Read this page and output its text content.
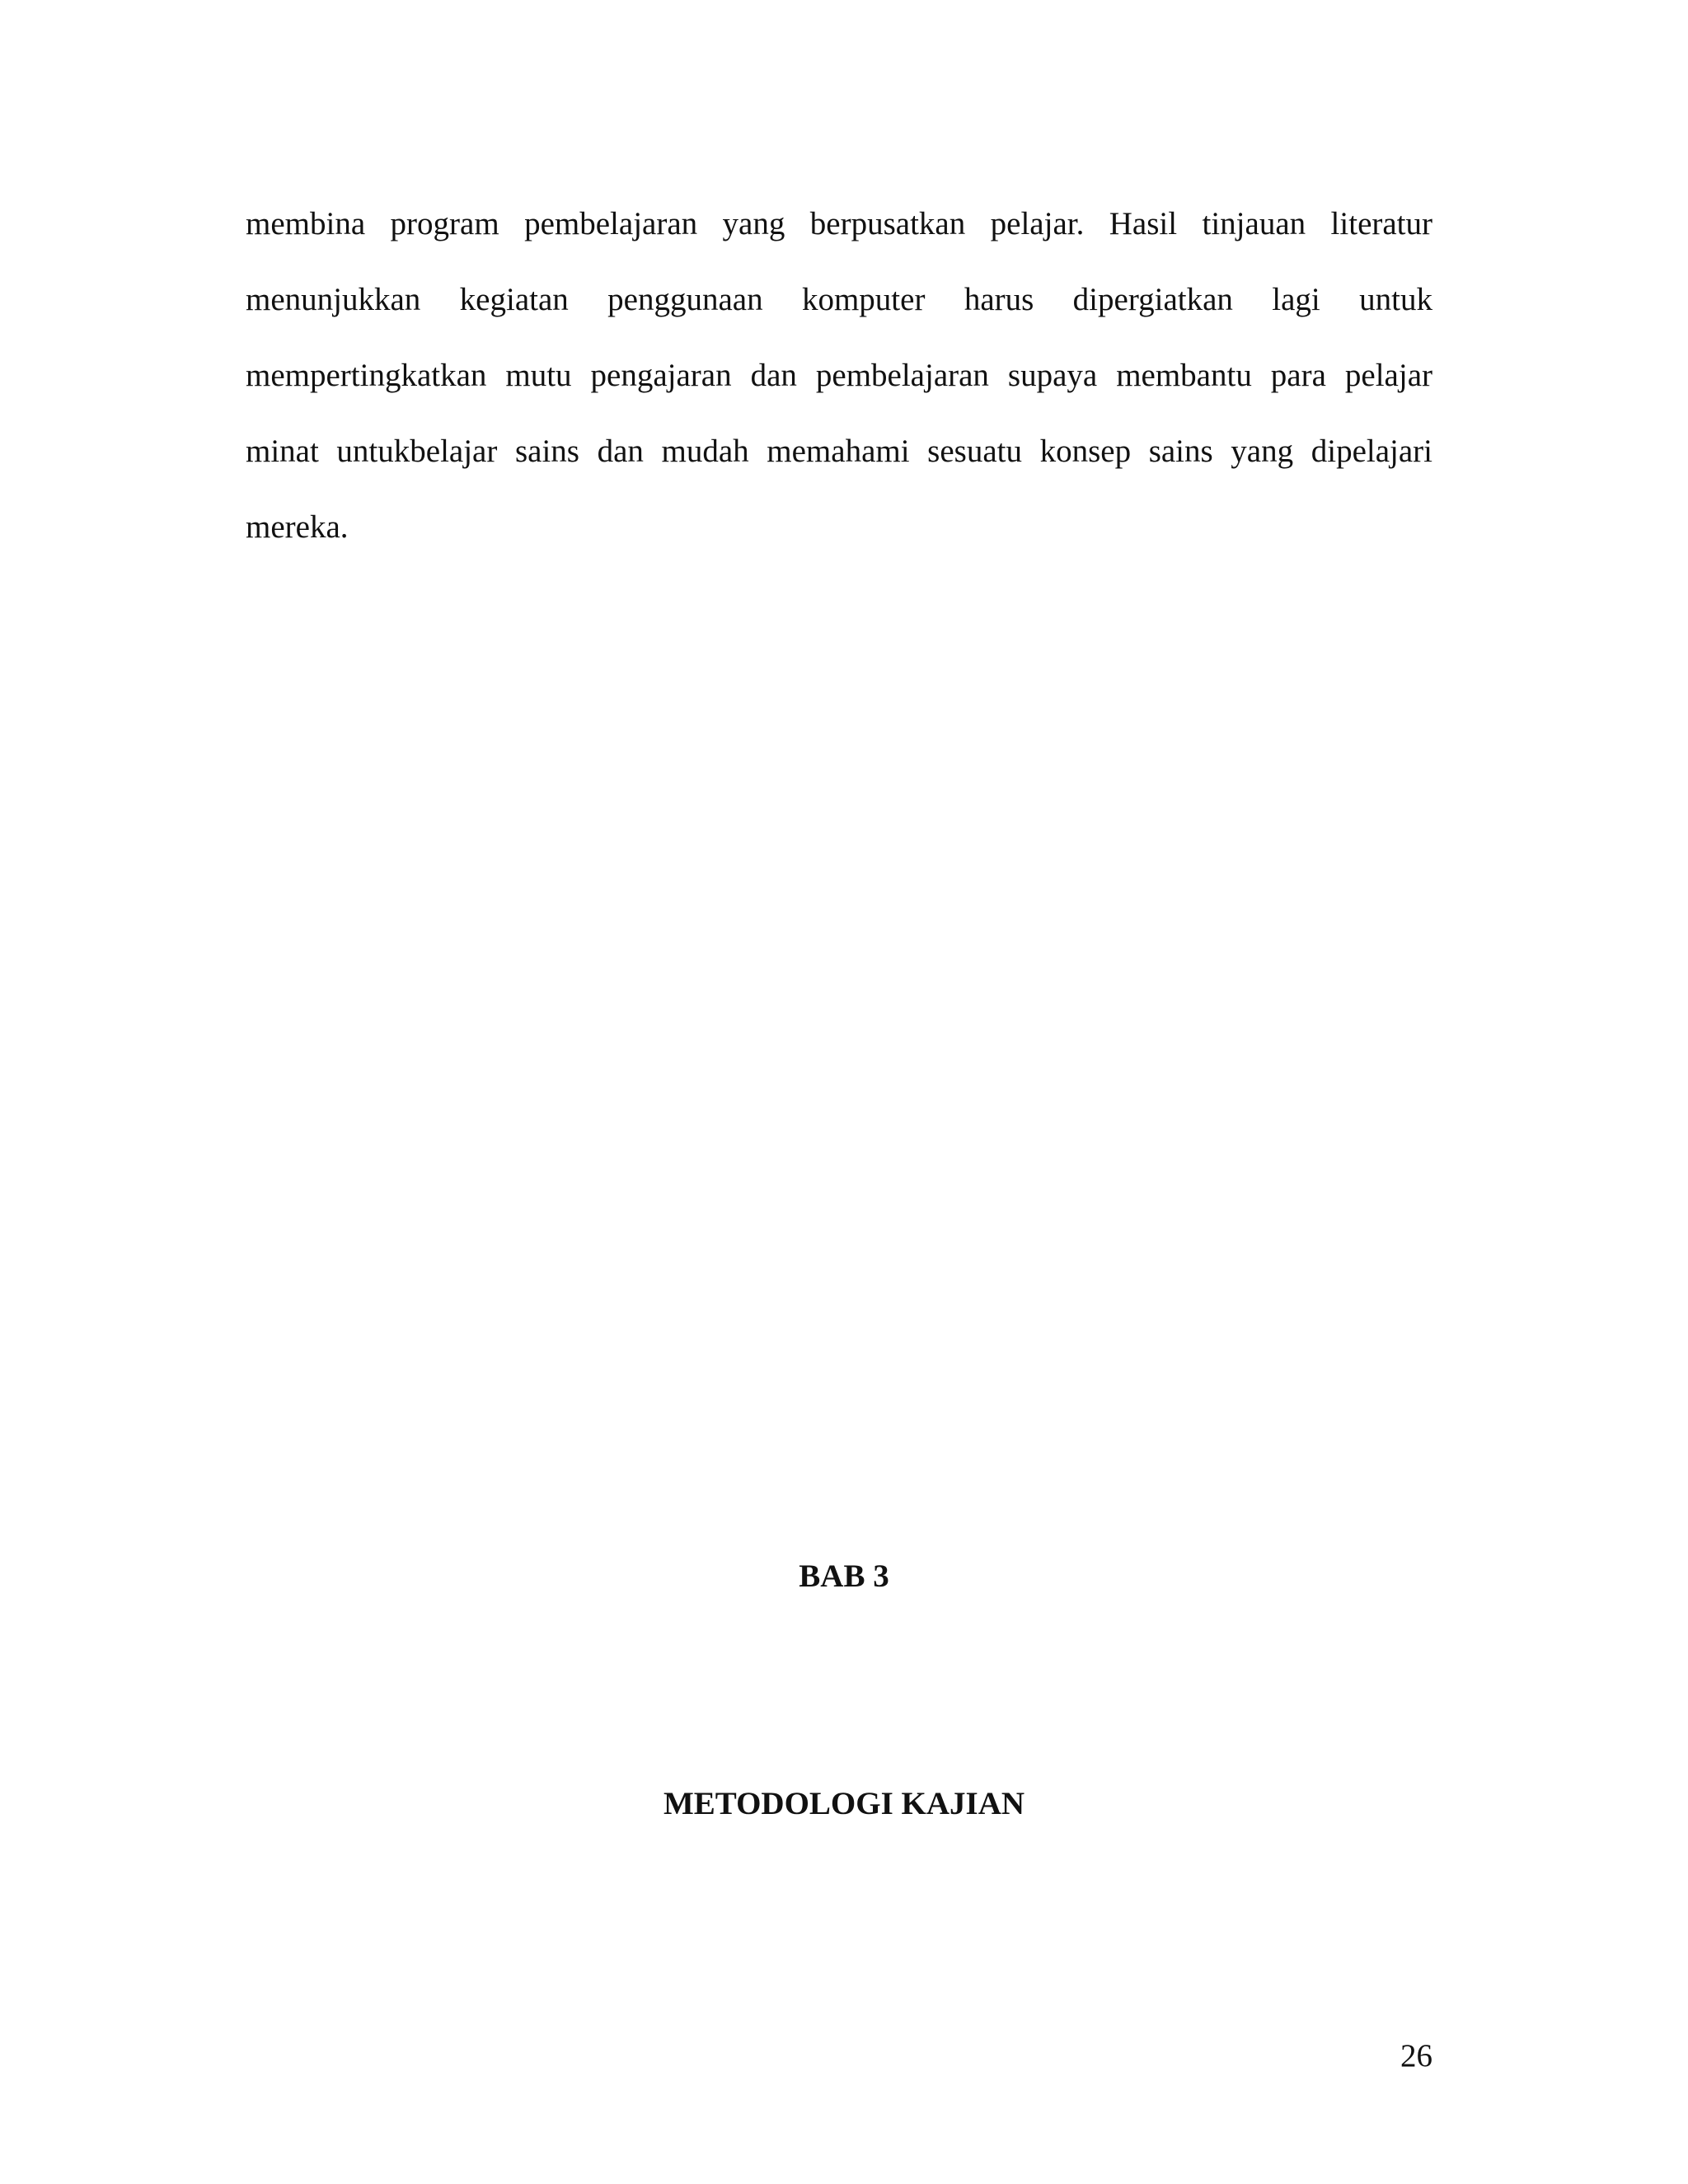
membina program pembelajaran yang berpusatkan pelajar. Hasil tinjauan literatur
menunjukkan kegiatan penggunaan komputer harus dipergiatkan lagi untuk
mempertingkatkan mutu pengajaran dan pembelajaran supaya membantu para pelajar
minat untukbelajar sains dan mudah memahami sesuatu konsep sains yang dipelajari
mereka.
BAB 3
METODOLOGI KAJIAN
26
